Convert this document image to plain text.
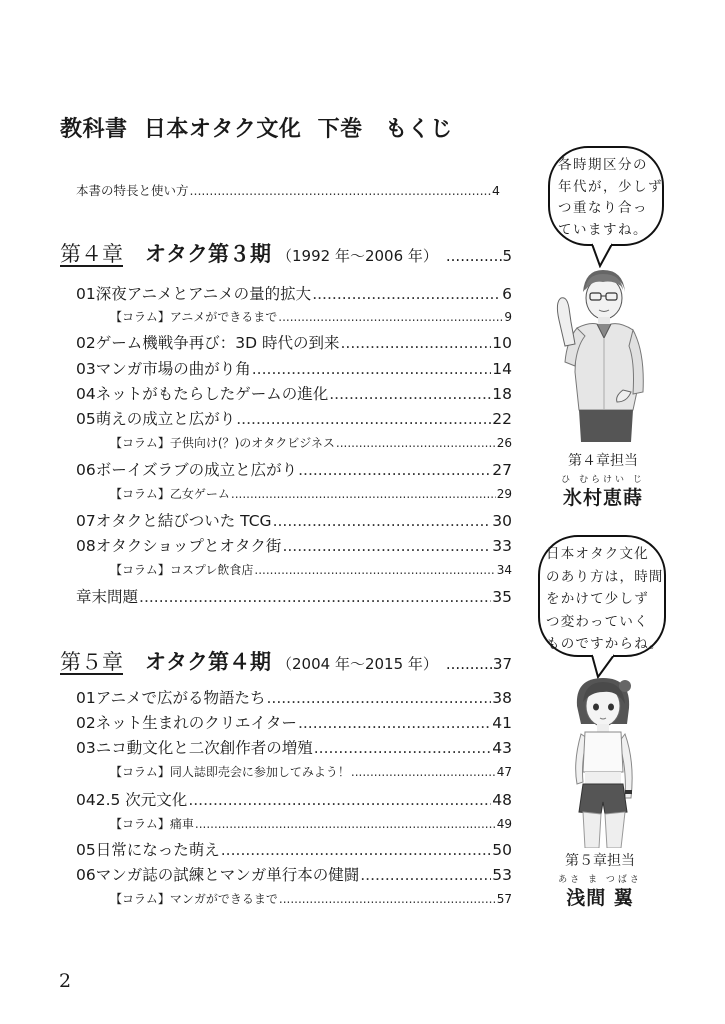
教科書  日本オタク文化  下巻　もくじ
本書の特長と使い方 .....	4
第４章 オタク第３期 （1992 年〜2006 年） .....	5
01 深夜アニメとアニメの量的拡大 .....	6
【コラム】アニメができるまで .....	9
02 ゲーム機戦争再び：3D 時代の到来 .....	10
03 マンガ市場の曲がり角 .....	14
04 ネットがもたらしたゲームの進化 .....	18
05 萌えの成立と広がり .....	22
【コラム】子供向け(？)のオタクビジネス .....	26
06 ボーイズラブの成立と広がり .....	27
【コラム】乙女ゲーム .....	29
07 オタクと結びついた TCG .....	30
08 オタクショップとオタク街 .....	33
【コラム】コスプレ飲食店 .....	34
章末問題 .....	35
第５章 オタク第４期 （2004 年〜2015 年） .....	37
01 アニメで広がる物語たち .....	38
02 ネット生まれのクリエイター .....	41
03 ニコ動文化と二次創作者の増殖 .....	43
【コラム】同人誌即売会に参加してみよう！ .....	47
04 2.5 次元文化 .....	48
【コラム】痛車 .....	49
05 日常になった萌え .....	50
06 マンガ誌の試練とマンガ単行本の健闘 .....	53
【コラム】マンガができるまで .....	57
各時期区分の
年代が，少しず
つ重なり合っ
ていますね。
第４章担当
ひ むらけい じ
氷村恵蒔
日本オタク文化
のあり方は，時間
をかけて少しず
つ変わっていく
ものですからね。
第５章担当
あさ ま つばさ
浅間 翼
2
